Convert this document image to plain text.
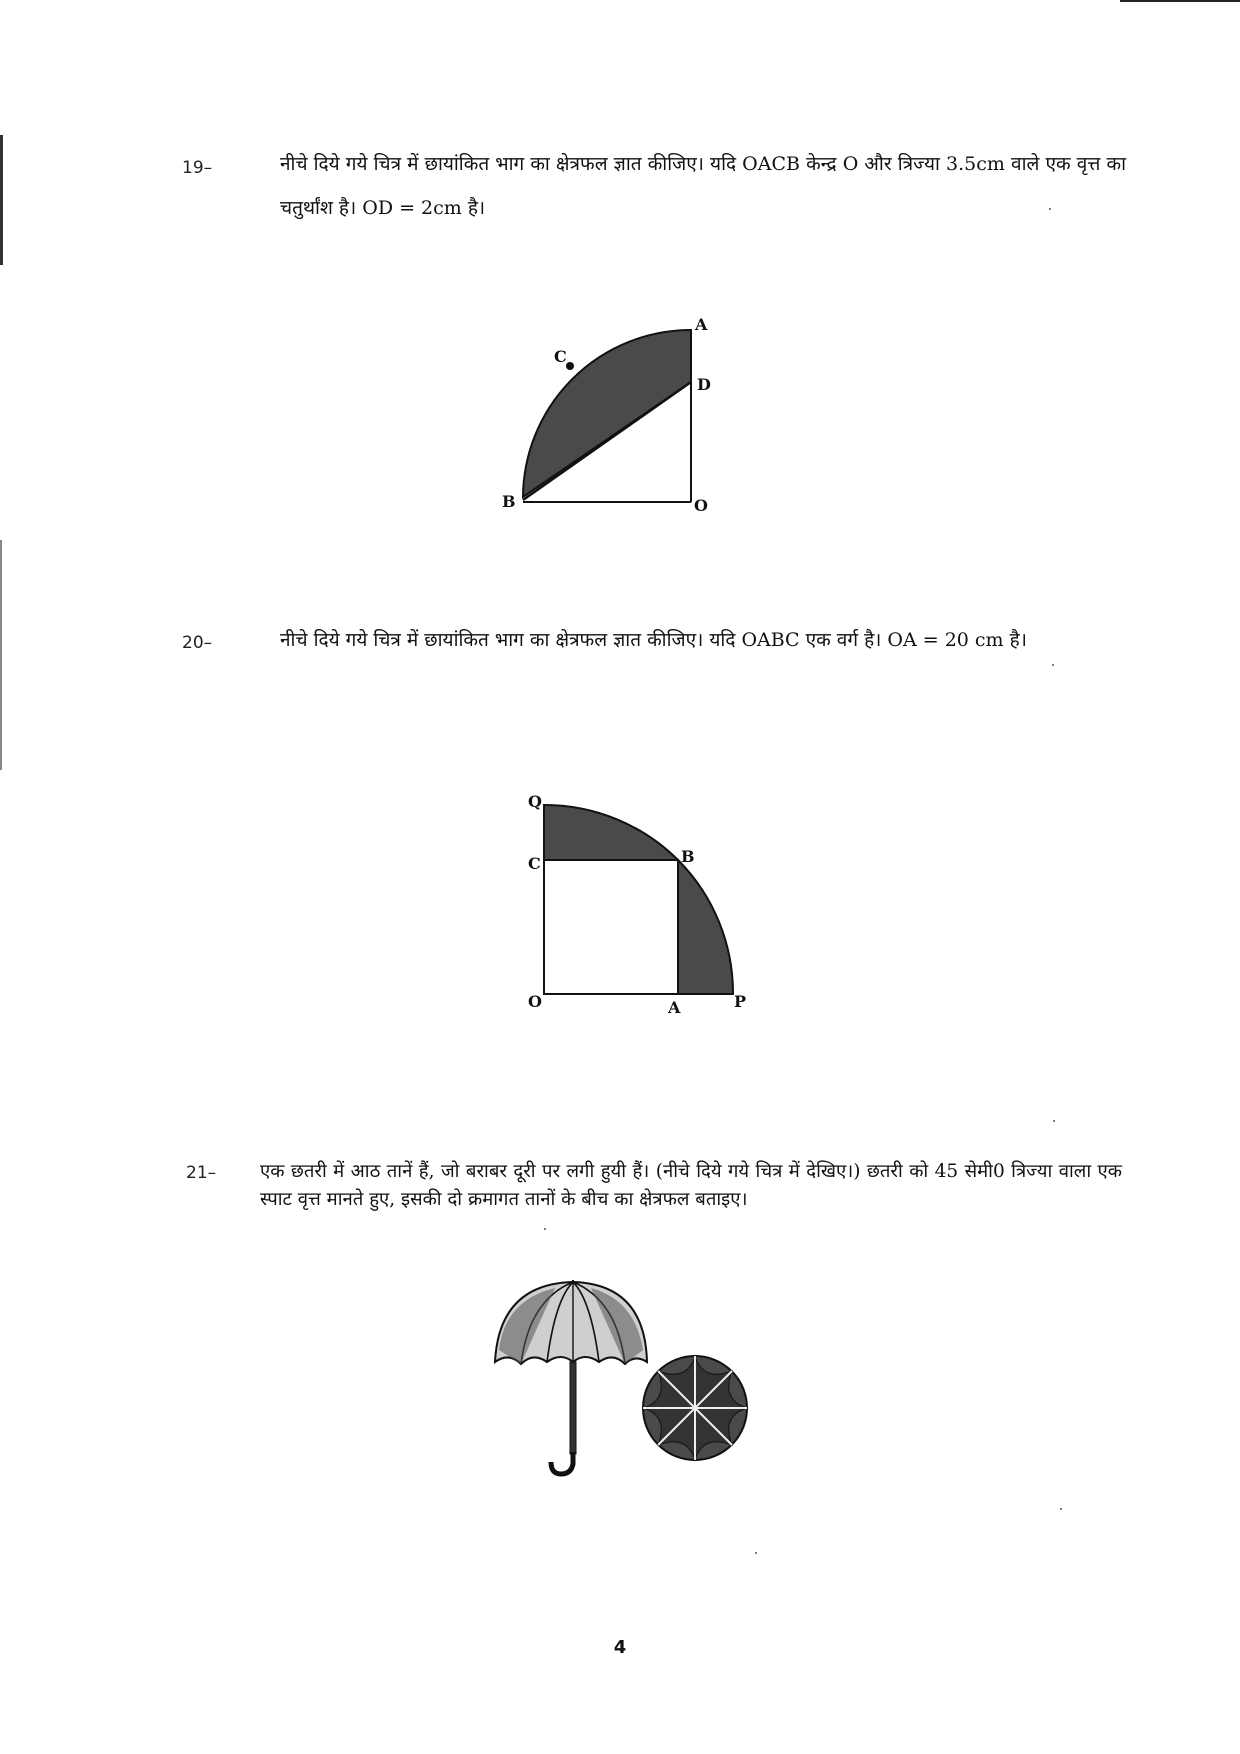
19–	नीचे दिये गये चित्र में छायांकित भाग का क्षेत्रफल ज्ञात कीजिए। यदि OACB केन्द्र O और त्रिज्या 3.5cm वाले एक वृत्त का चतुर्थांश है। OD = 2cm है।
A
D
C
B	O
20–	नीचे दिये गये चित्र में छायांकित भाग का क्षेत्रफल ज्ञात कीजिए। यदि OABC एक वर्ग है। OA = 20 cm है।
Q
C	B
O	A	P
21– एक छतरी में आठ तानें हैं, जो बराबर दूरी पर लगी हुयी हैं। (नीचे दिये गये चित्र में देखिए।) छतरी को 45 सेमी0 त्रिज्या वाला एक स्पाट वृत्त मानते हुए, इसकी दो क्रमागत तानों के बीच का क्षेत्रफल बताइए।
4
